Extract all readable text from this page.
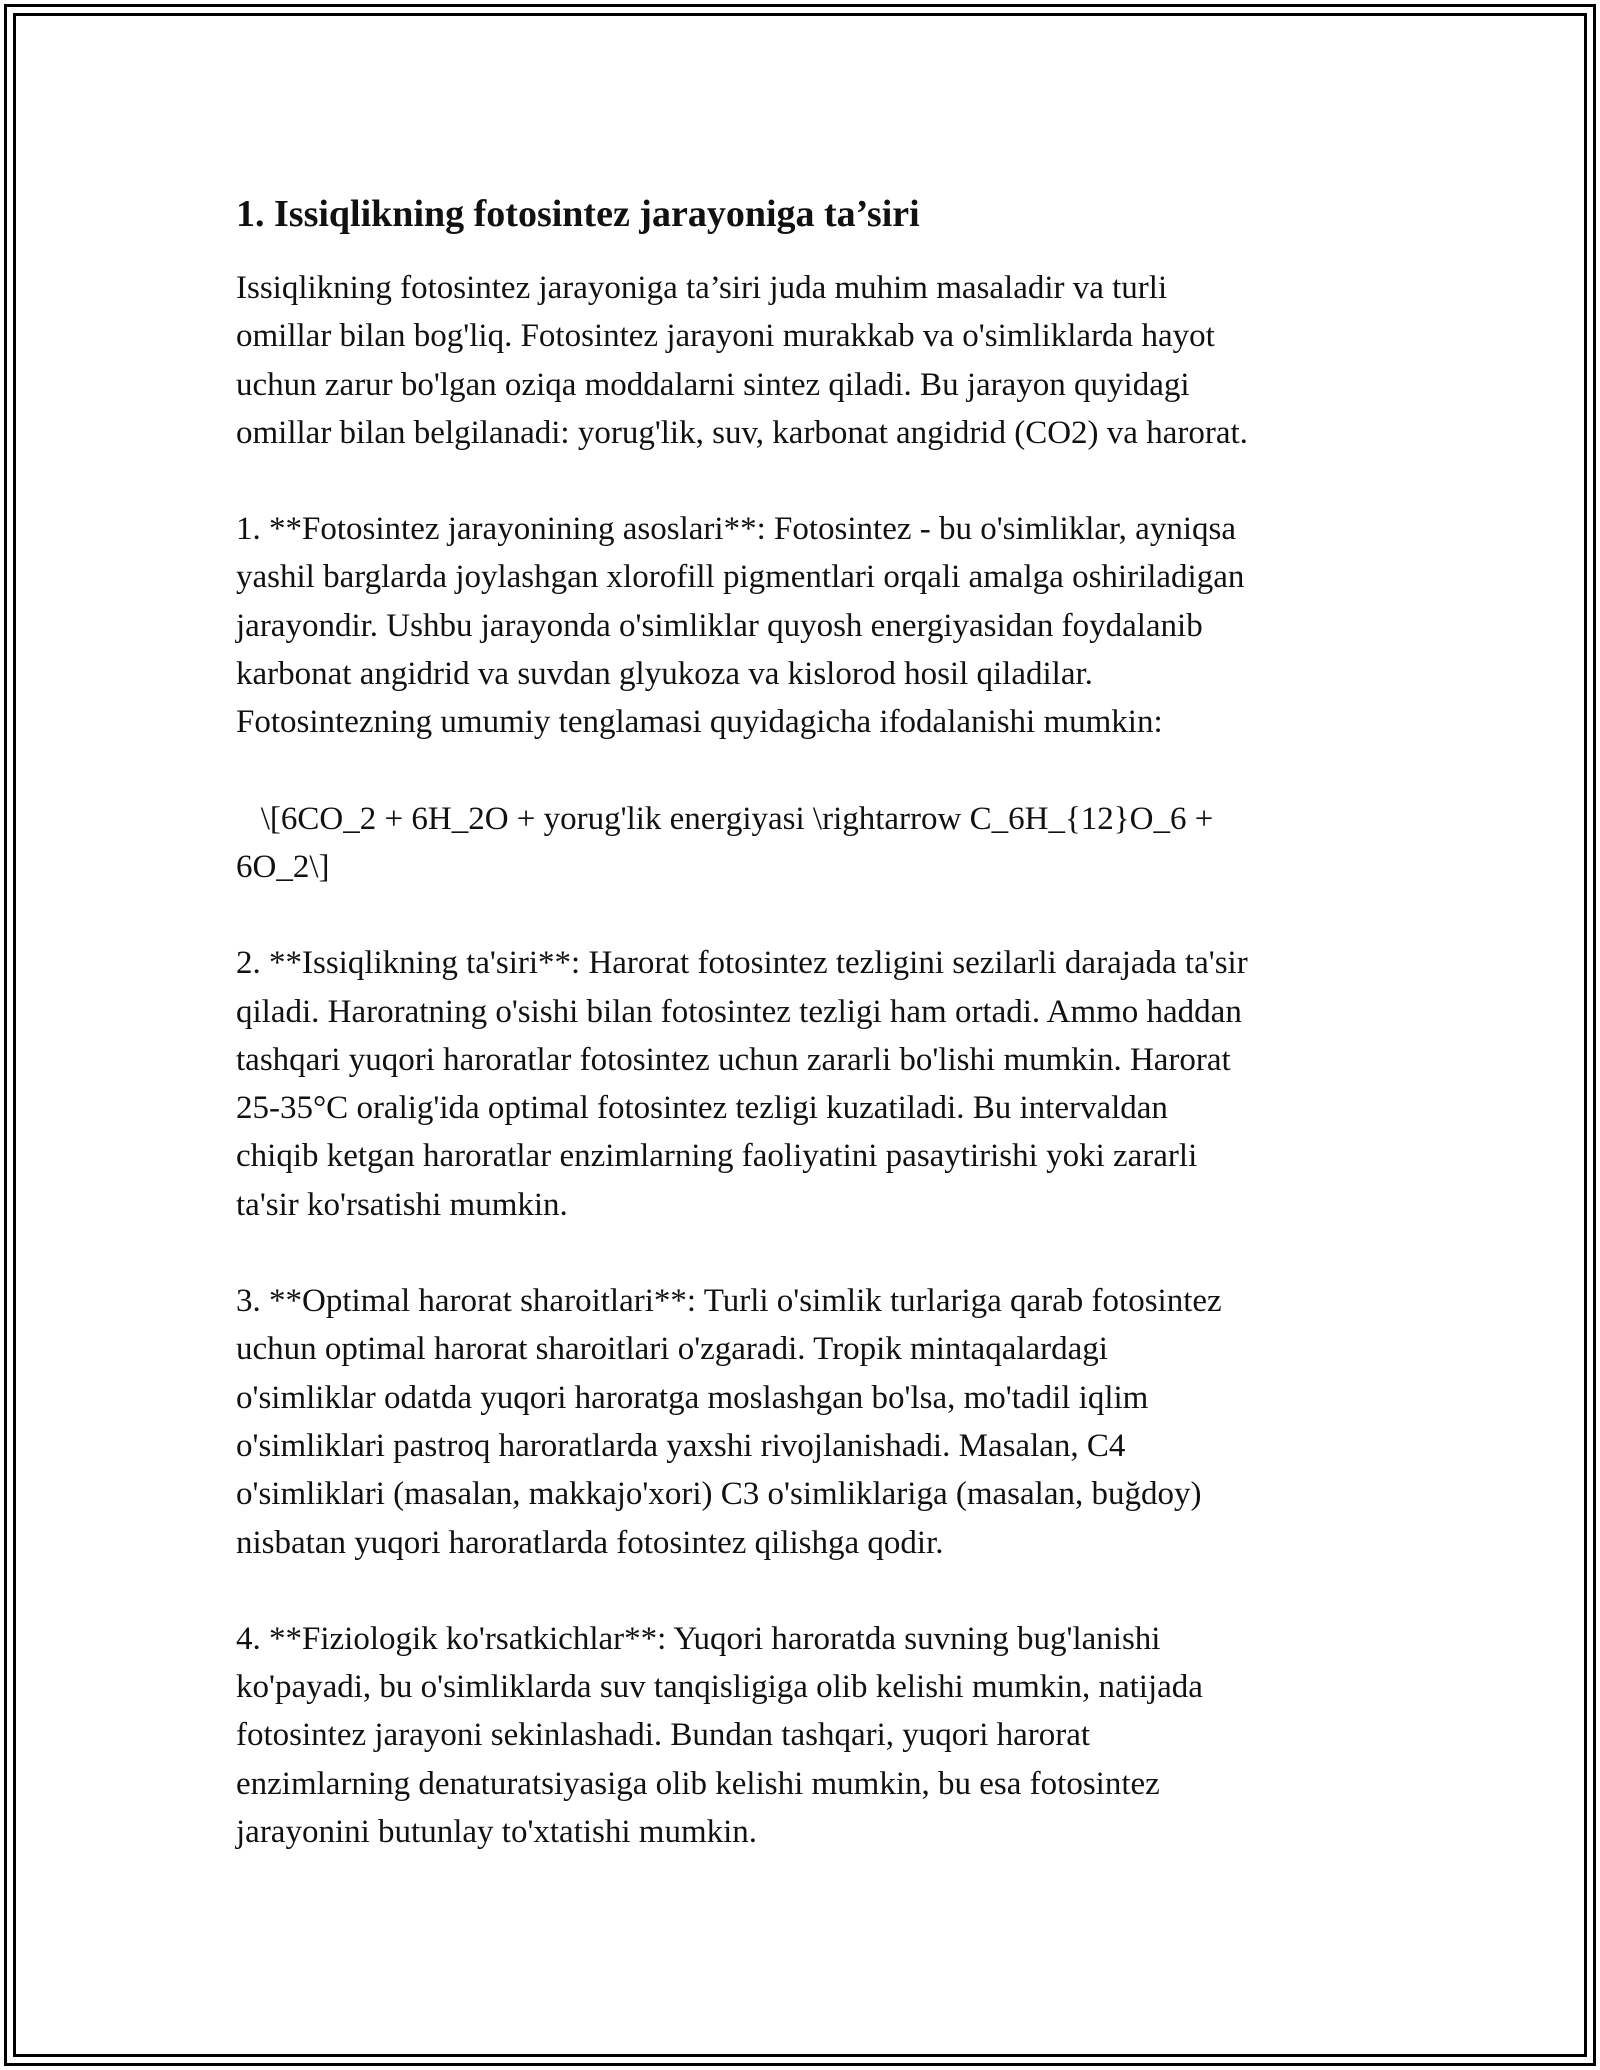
1. Issiqlikning fotosintez jarayoniga ta’siri

Issiqlikning fotosintez jarayoniga ta’siri juda muhim masaladir va turli
omillar bilan bog'liq. Fotosintez jarayoni murakkab va o'simliklarda hayot
uchun zarur bo'lgan oziqa moddalarni sintez qiladi. Bu jarayon quyidagi
omillar bilan belgilanadi: yorug'lik, suv, karbonat angidrid (CO2) va harorat.

1. **Fotosintez jarayonining asoslari**: Fotosintez - bu o'simliklar, ayniqsa
yashil barglarda joylashgan xlorofill pigmentlari orqali amalga oshiriladigan
jarayondir. Ushbu jarayonda o'simliklar quyosh energiyasidan foydalanib
karbonat angidrid va suvdan glyukoza va kislorod hosil qiladilar.
Fotosintezning umumiy tenglamasi quyidagicha ifodalanishi mumkin:

\[6CO_2 + 6H_2O + yorug'lik energiyasi \rightarrow C_6H_{12}O_6 +
6O_2\]

2. **Issiqlikning ta'siri**: Harorat fotosintez tezligini sezilarli darajada ta'sir
qiladi. Haroratning o'sishi bilan fotosintez tezligi ham ortadi. Ammo haddan
tashqari yuqori haroratlar fotosintez uchun zararli bo'lishi mumkin. Harorat
25-35°C oralig'ida optimal fotosintez tezligi kuzatiladi. Bu intervaldan
chiqib ketgan haroratlar enzimlarning faoliyatini pasaytirishi yoki zararli
ta'sir ko'rsatishi mumkin.

3. **Optimal harorat sharoitlari**: Turli o'simlik turlariga qarab fotosintez
uchun optimal harorat sharoitlari o'zgaradi. Tropik mintaqalardagi
o'simliklar odatda yuqori haroratga moslashgan bo'lsa, mo'tadil iqlim
o'simliklari pastroq haroratlarda yaxshi rivojlanishadi. Masalan, C4
o'simliklari (masalan, makkajo'xori) C3 o'simliklariga (masalan, buğdoy)
nisbatan yuqori haroratlarda fotosintez qilishga qodir.

4. **Fiziologik ko'rsatkichlar**: Yuqori haroratda suvning bug'lanishi
ko'payadi, bu o'simliklarda suv tanqisligiga olib kelishi mumkin, natijada
fotosintez jarayoni sekinlashadi. Bundan tashqari, yuqori harorat
enzimlarning denaturatsiyasiga olib kelishi mumkin, bu esa fotosintez
jarayonini butunlay to'xtatishi mumkin.
